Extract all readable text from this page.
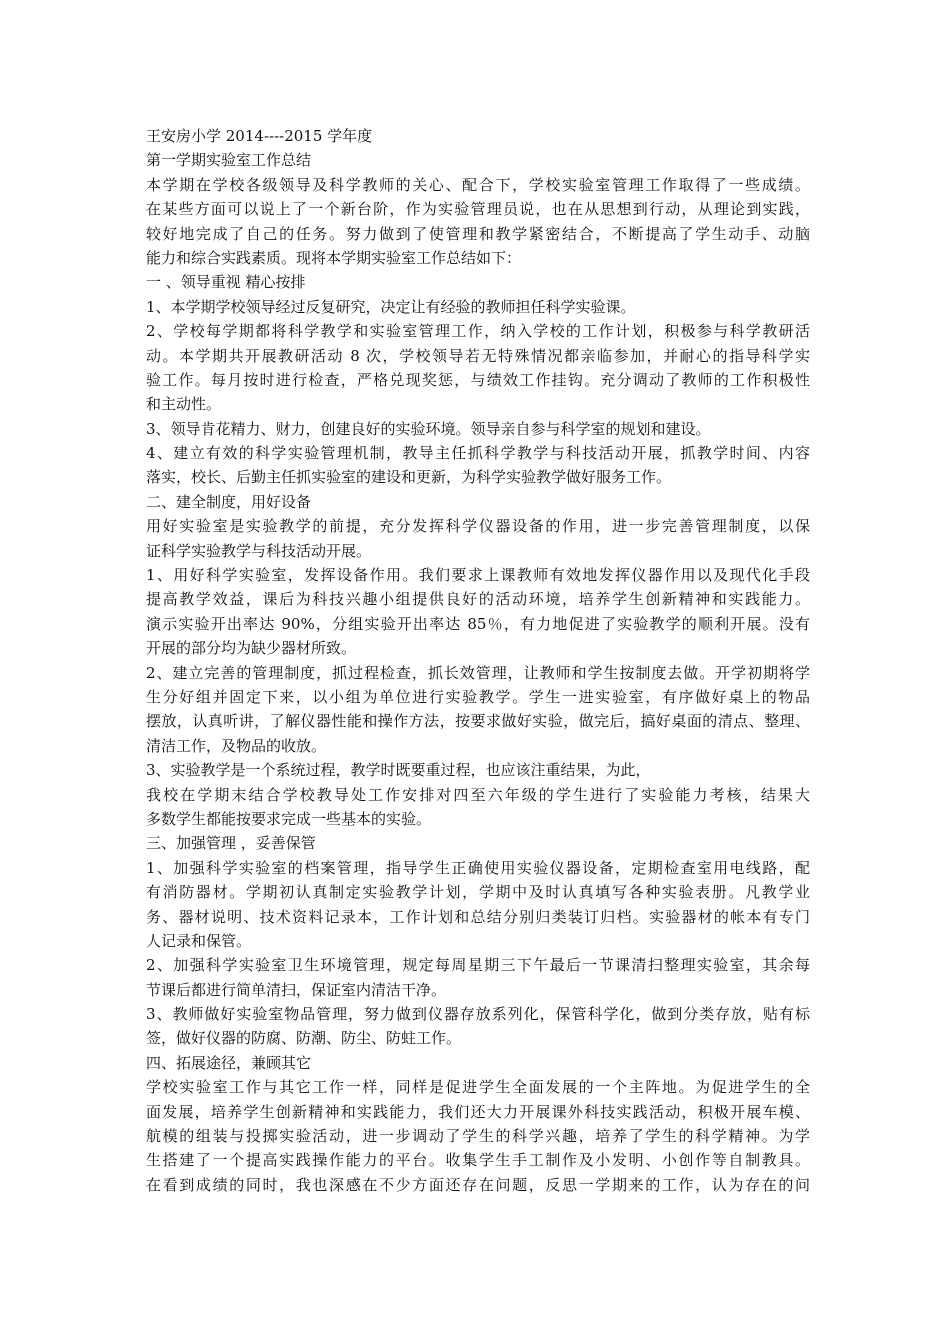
王安房小学 2014----2015 学年度
第一学期实验室工作总结
本学期在学校各级领导及科学教师的关心、配合下，学校实验室管理工作取得了一些成绩。
在某些方面可以说上了一个新台阶，作为实验管理员说，也在从思想到行动，从理论到实践，
较好地完成了自己的任务。努力做到了使管理和教学紧密结合，不断提高了学生动手、动脑
能力和综合实践素质。现将本学期实验室工作总结如下：
一 、领导重视 精心按排
1、本学期学校领导经过反复研究，决定让有经验的教师担任科学实验课。
2、学校每学期都将科学教学和实验室管理工作，纳入学校的工作计划，积极参与科学教研活
动。本学期共开展教研活动 8 次，学校领导若无特殊情况都亲临参加，并耐心的指导科学实
验工作。每月按时进行检查，严格兑现奖惩，与绩效工作挂钩。充分调动了教师的工作积极性
和主动性。
3、领导肯花精力、财力，创建良好的实验环境。领导亲自参与科学室的规划和建设。
4、建立有效的科学实验管理机制，教导主任抓科学教学与科技活动开展，抓教学时间、内容
落实，校长、后勤主任抓实验室的建设和更新，为科学实验教学做好服务工作。
二、建全制度，用好设备
用好实验室是实验教学的前提，充分发挥科学仪器设备的作用，进一步完善管理制度，以保
证科学实验教学与科技活动开展。
1、用好科学实验室，发挥设备作用。我们要求上课教师有效地发挥仪器作用以及现代化手段
提高教学效益，课后为科技兴趣小组提供良好的活动环境，培养学生创新精神和实践能力。
演示实验开出率达 90%，分组实验开出率达 85％，有力地促进了实验教学的顺利开展。没有
开展的部分均为缺少器材所致。
2、建立完善的管理制度，抓过程检查，抓长效管理，让教师和学生按制度去做。开学初期将学
生分好组并固定下来，以小组为单位进行实验教学。学生一进实验室，有序做好桌上的物品
摆放，认真听讲，了解仪器性能和操作方法，按要求做好实验，做完后，搞好桌面的清点、整理、
清洁工作，及物品的收放。
3、实验教学是一个系统过程，教学时既要重过程，也应该注重结果，为此，
我校在学期末结合学校教导处工作安排对四至六年级的学生进行了实验能力考核，结果大
多数学生都能按要求完成一些基本的实验。
三、加强管理 ，妥善保管
1、加强科学实验室的档案管理，指导学生正确使用实验仪器设备，定期检查室用电线路，配
有消防器材。学期初认真制定实验教学计划，学期中及时认真填写各种实验表册。凡教学业
务、器材说明、技术资料记录本，工作计划和总结分别归类装订归档。实验器材的帐本有专门
人记录和保管。
2、加强科学实验室卫生环境管理，规定每周星期三下午最后一节课清扫整理实验室，其余每
节课后都进行简单清扫，保证室内清洁干净。
3、教师做好实验室物品管理，努力做到仪器存放系列化，保管科学化，做到分类存放，贴有标
签，做好仪器的防腐、防潮、防尘、防蛀工作。
四、拓展途径，兼顾其它
学校实验室工作与其它工作一样，同样是促进学生全面发展的一个主阵地。为促进学生的全
面发展，培养学生创新精神和实践能力，我们还大力开展课外科技实践活动，积极开展车模、
航模的组装与投掷实验活动，进一步调动了学生的科学兴趣，培养了学生的科学精神。为学
生搭建了一个提高实践操作能力的平台。收集学生手工制作及小发明、小创作等自制教具。
在看到成绩的同时，我也深感在不少方面还存在问题，反思一学期来的工作，认为存在的问
